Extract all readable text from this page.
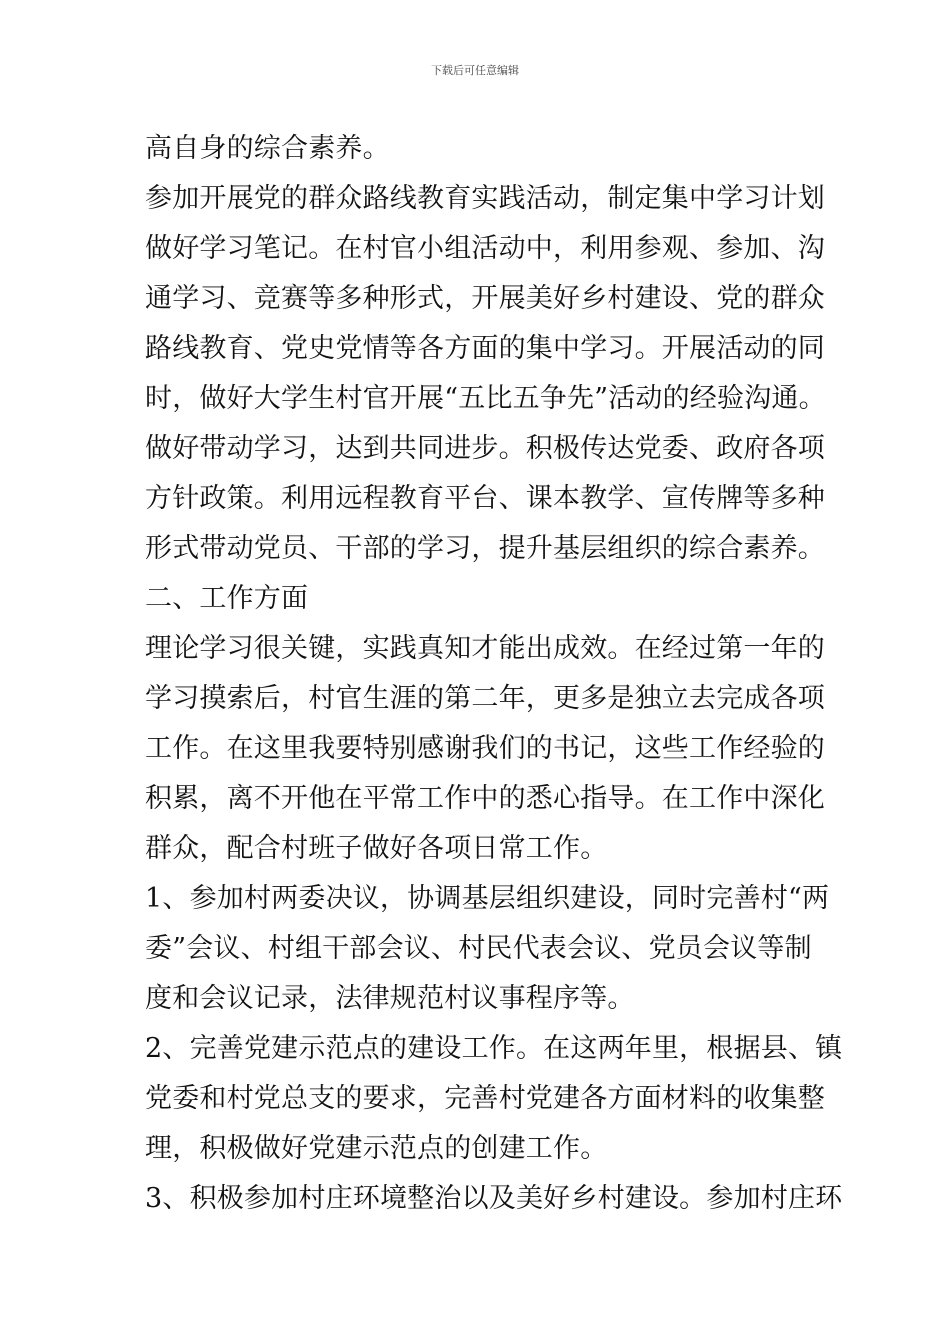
下载后可任意编辑
高自身的综合素养。
参加开展党的群众路线教育实践活动，制定集中学习计划
做好学习笔记。在村官小组活动中，利用参观、参加、沟
通学习、竞赛等多种形式，开展美好乡村建设、党的群众
路线教育、党史党情等各方面的集中学习。开展活动的同
时，做好大学生村官开展“五比五争先”活动的经验沟通。
做好带动学习，达到共同进步。积极传达党委、政府各项
方针政策。利用远程教育平台、课本教学、宣传牌等多种
形式带动党员、干部的学习，提升基层组织的综合素养。
二、工作方面
理论学习很关键，实践真知才能出成效。在经过第一年的
学习摸索后，村官生涯的第二年，更多是独立去完成各项
工作。在这里我要特别感谢我们的书记，这些工作经验的
积累，离不开他在平常工作中的悉心指导。在工作中深化
群众，配合村班子做好各项日常工作。
1、参加村两委决议，协调基层组织建设，同时完善村“两
委”会议、村组干部会议、村民代表会议、党员会议等制
度和会议记录，法律规范村议事程序等。
2、完善党建示范点的建设工作。在这两年里，根据县、镇
党委和村党总支的要求，完善村党建各方面材料的收集整
理，积极做好党建示范点的创建工作。
3、积极参加村庄环境整治以及美好乡村建设。参加村庄环
